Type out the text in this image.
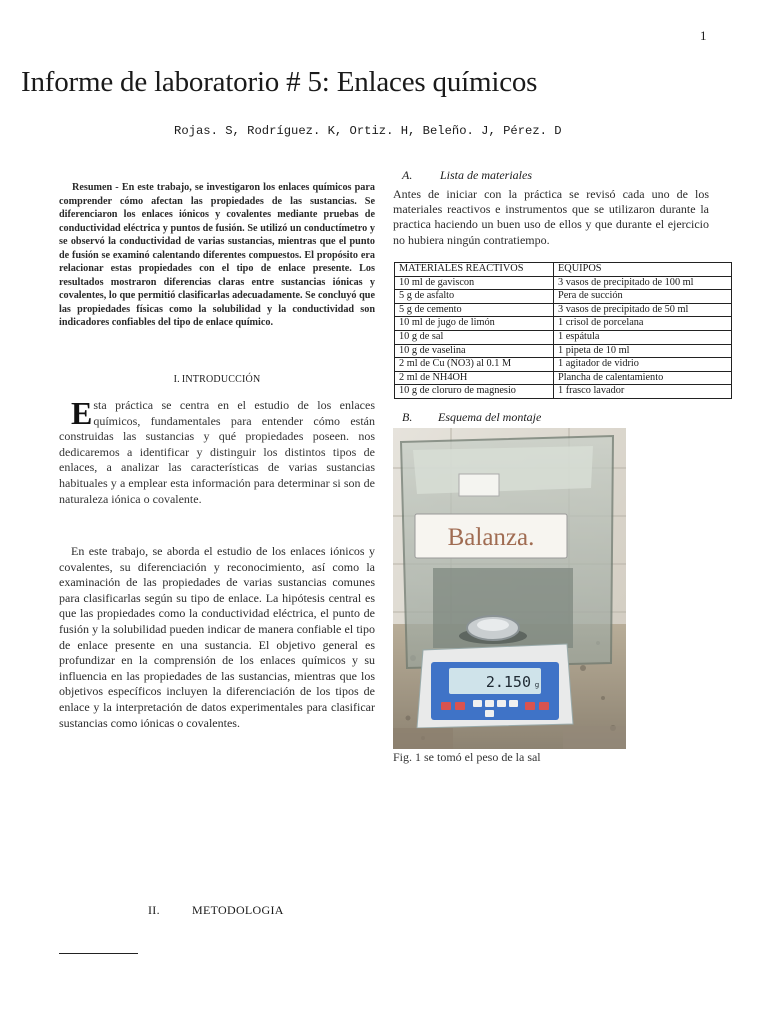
1
Informe de laboratorio # 5: Enlaces químicos
Rojas. S, Rodríguez. K, Ortiz. H, Beleño. J, Pérez. D

Resumen - En este trabajo, se investigaron los enlaces químicos para comprender cómo afectan las propiedades de las sustancias. Se diferenciaron los enlaces iónicos y covalentes mediante pruebas de conductividad eléctrica y puntos de fusión. Se utilizó un conductímetro y se observó la conductividad de varias sustancias, mientras que el punto de fusión se examinó calentando diferentes compuestos. El propósito era relacionar estas propiedades con el tipo de enlace presente. Los resultados mostraron diferencias claras entre sustancias iónicas y covalentes, lo que permitió clasificarlas adecuadamente. Se concluyó que las propiedades físicas como la solubilidad y la conductividad son indicadores confiables del tipo de enlace químico.

I. INTRODUCCIÓN

Esta práctica se centra en el estudio de los enlaces químicos, fundamentales para entender cómo están construidas las sustancias y qué propiedades poseen. nos dedicaremos a identificar y distinguir los distintos tipos de enlaces, a analizar las características de varias sustancias habituales y a emplear esta información para determinar si son de naturaleza iónica o covalente.

En este trabajo, se aborda el estudio de los enlaces iónicos y covalentes, su diferenciación y reconocimiento, así como la examinación de las propiedades de varias sustancias comunes para clasificarlas según su tipo de enlace. La hipótesis central es que las propiedades como la conductividad eléctrica, el punto de fusión y la solubilidad pueden indicar de manera confiable el tipo de enlace presente en una sustancia. El objetivo general es profundizar en la comprensión de los enlaces químicos y su influencia en las propiedades de las sustancias, mientras que los objetivos específicos incluyen la diferenciación de los tipos de enlace y la interpretación de datos experimentales para clasificar sustancias como iónicas o covalentes.

II.	METODOLOGIA
A. Lista de materiales

Antes de iniciar con la práctica se revisó cada uno de los materiales reactivos e instrumentos que se utilizaron durante la practica haciendo un buen uso de ellos y que durante el ejercicio no hubiera ningún contratiempo.

MATERIALES REACTIVOS	EQUIPOS
10 ml de gaviscon	3 vasos de precipitado de 100 ml
5 g de asfalto	Pera de succión
5 g de cemento	3 vasos de precipitado de 50 ml
10 ml de jugo de limón	1 crisol de porcelana
10 g de sal	1 espátula
10 g de vaselina	1 pipeta de 10 ml
2 ml de Cu (NO3) al 0.1 M	1 agitador de vidrio
2 ml de NH4OH	Plancha de calentamiento
10 g de cloruro de magnesio	1 frasco lavador
B. Esquema del montaje
Balanza.
2.150 g
Fig. 1 se tomó el peso de la sal
